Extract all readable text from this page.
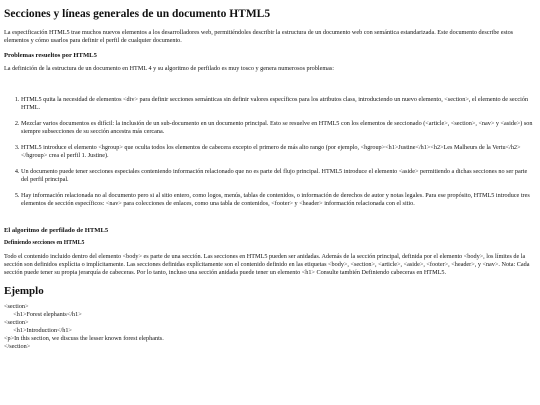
Secciones y líneas generales de un documento HTML5

La especificación HTML5 trae muchos nuevos elementos a los desarrolladores web, permitiéndoles describir la estructura de un documento web con semántica estandarizada. Este documento describe estos elementos y cómo usarlos para definir el perfil de cualquier documento.

Problemas resueltos por HTML5

La definición de la estructura de un documento en HTML 4 y su algoritmo de perfilado es muy tosco y genera numerosos problemas:

1. HTML5 quita la necesidad de elementos <div> para definir secciones semánticas sin definir valores específicos para los atributos class, introduciendo un nuevo elemento, <section>, el elemento de sección HTML.
2. Mezclar varios documentos es difícil: la inclusión de un sub-documento en un documento principal. Esto se resuelve en HTML5 con los elementos de seccionado (<article>, <section>, <nav> y <aside>) son siempre subsecciones de su sección ancestra más cercana.
3. HTML5 introduce el elemento <hgroup> que oculta todos los elementos de cabecera excepto el primero de más alto rango (por ejemplo, <hgroup><h1>Justine</h1><h2>Les Malheurs de la Vertu</h2></hgroup> crea el perfil 1. Justine).
4. Un documento puede tener secciones especiales conteniendo información relacionado que no es parte del flujo principal. HTML5 introduce el elemento <aside> permitiendo a dichas secciones no ser parte del perfil principal.
5. Hay información relacionada no al documento pero si al sitio entero, como logos, menús, tablas de contenidos, o información de derechos de autor y notas legales. Para ese propósito, HTML5 introduce tres elementos de sección específicos: <nav> para colecciones de enlaces, como una tabla de contenidos, <footer> y <header> información relacionada con el sitio.
El algoritmo de perfilado de HTML5
Definiendo secciones en HTML5

Todo el contenido incluido dentro del elemento <body> es parte de una sección. Las secciones en HTML5 pueden ser anidadas. Además de la sección principal, definida por el elemento <body>, los límites de la sección son definidos explícita o implícitamente. Las secciones definidas explícitamente son el contenido definido en las etiquetas <body>, <section>, <article>, <aside>, <footer>, <header>, y <nav>. Nota: Cada sección puede tener su propia jerarquía de cabeceras. Por lo tanto, incluso una sección anidada puede tener un elemento <h1> Consulte también Definiendo cabeceras en HTML5.

Ejemplo
<section>
<h1>Forest elephants</h1>
<section>
<h1>Introduction</h1>
<p>In this section, we discuss the lesser known forest elephants.
</section>
